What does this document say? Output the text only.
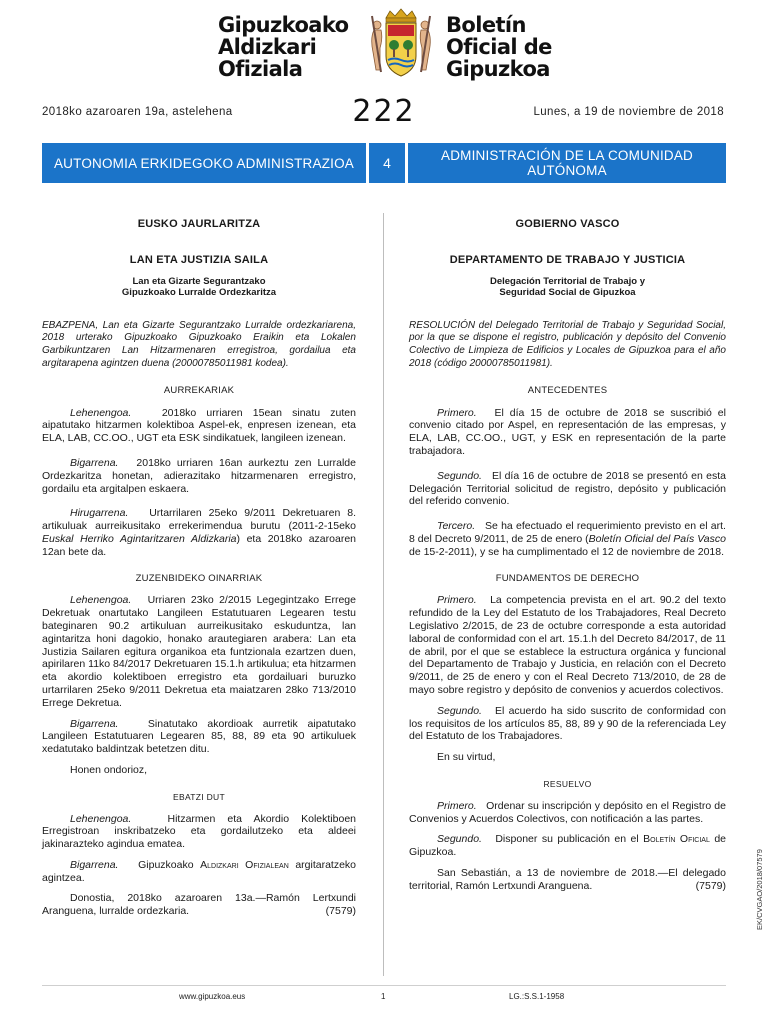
Gipuzkoako
Aldizkari
Ofiziala
Boletín
Oficial de
Gipuzkoa
2018ko azaroaren 19a, astelehena	222	Lunes, a 19 de noviembre de 2018
AUTONOMIA ERKIDEGOKO ADMINISTRAZIOA	4	ADMINISTRACIÓN DE LA COMUNIDAD AUTÓNOMA
EUSKO JAURLARITZA
LAN ETA JUSTIZIA SAILA
Lan eta Gizarte Segurantzako
Gipuzkoako Lurralde Ordezkaritza
EBAZPENA, Lan eta Gizarte Segurantzako Lurralde ordezkariarena, 2018 urterako Gipuzkoako Gipuzkoako Eraikin eta Lokalen Garbikuntzaren Lan Hitzarmenaren erregistroa, gordailua eta argitarapena agintzen duena (20000785011981 kodea).
AURREKARIAK

Lehenengoa.	2018ko urriaren 15ean sinatu zuten aipatutako hitzarmen kolektiboa Aspel-ek, enpresen izenean, eta ELA, LAB, CC.OO., UGT eta ESK sindikatuek, langileen izenean.

Bigarrena. 2018ko urriaren 16an aurkeztu zen Lurralde Ordezkaritza honetan, adierazitako hitzarmenaren erregistro, gordailu eta argitalpen eskaera.

Hirugarrena. Urtarrilaren 25eko 9/2011 Dekretuaren 8. artikuluak aurreikusitako errekerimendua burutu (2011-2-15eko Euskal Herriko Agintaritzaren Aldizkaria) eta 2018ko azaroaren 12an bete da.

ZUZENBIDEKO OINARRIAK

Lehenengoa. Urriaren 23ko 2/2015 Legegintzako Errege Dekretuak onartutako Langileen Estatutuaren Legearen testu bateginaren 90.2 artikuluan aurreikusitako eskuduntza, lan agintaritza honi dagokio, honako arautegiaren arabera: Lan eta Justizia Sailaren egitura organikoa eta funtzionala ezartzen duen, apirilaren 11ko 84/2017 Dekretuaren 15.1.h artikulua; eta hitzarmen eta akordio kolektiboen erregistro eta gordailuari buruzko urtarrilaren 25eko 9/2011 Dekretua eta maiatzaren 28ko 713/2010 Errege Dekretua.

Bigarrena.	Sinatutako akordioak aurretik aipatutako Langileen Estatutuaren Legearen 85, 88, 89 eta 90 artikuluek xedatutako baldintzak betetzen ditu.

Honen ondorioz,

EBATZI DUT

Lehenengoa.	Hitzarmen eta Akordio Kolektiboen Erregistroan inskribatzeko eta gordailutzeko eta aldeei jakinarazteko agindua ematea.

Bigarrena. Gipuzkoako Aldizkari Ofizialean argitaratzeko agintzea.

Donostia, 2018ko azaroaren 13a.—Ramón Lertxundi Aranguena, lurralde ordezkaria.	(7579)

GOBIERNO VASCO
DEPARTAMENTO DE TRABAJO Y JUSTICIA
Delegación Territorial de Trabajo y
Seguridad Social de Gipuzkoa
RESOLUCIÓN del Delegado Territorial de Trabajo y Seguridad Social, por la que se dispone el registro, publicación y depósito del Convenio Colectivo de Limpieza de Edificios y Locales de Gipuzkoa para el año 2018 (código 20000785011981).
ANTECEDENTES

Primero. El día 15 de octubre de 2018 se suscribió el convenio citado por Aspel, en representación de las empresas, y ELA, LAB, CC.OO., UGT, y ESK en representación de la parte trabajadora.

Segundo. El día 16 de octubre de 2018 se presentó en esta Delegación Territorial solicitud de registro, depósito y publicación del referido convenio.

Tercero. Se ha efectuado el requerimiento previsto en el art. 8 del Decreto 9/2011, de 25 de enero (Boletín Oficial del País Vasco de 15-2-2011), y se ha cumplimentado el 12 de noviembre de 2018.

FUNDAMENTOS DE DERECHO

Primero. La competencia prevista en el art. 90.2 del texto refundido de la Ley del Estatuto de los Trabajadores, Real Decreto Legislativo 2/2015, de 23 de octubre corresponde a esta autoridad laboral de conformidad con el art. 15.1.h del Decreto 84/2017, de 11 de abril, por el que se establece la estructura orgánica y funcional del Departamento de Trabajo y Justicia, en relación con el Decreto 9/2011, de 25 de enero y con el Real Decreto 713/2010, de 28 de mayo sobre registro y depósito de convenios y acuerdos colectivos.

Segundo. El acuerdo ha sido suscrito de conformidad con los requisitos de los artículos 85, 88, 89 y 90 de la referenciada Ley del Estatuto de los Trabajadores.

En su virtud,

RESUELVO

Primero. Ordenar su inscripción y depósito en el Registro de Convenios y Acuerdos Colectivos, con notificación a las partes.

Segundo. Disponer su publicación en el Boletín Oficial de Gipuzkoa.

San Sebastián, a 13 de noviembre de 2018.—El delegado territorial, Ramón Lertxundi Aranguena.	(7579)

www.gipuzkoa.eus	1	LG.:S.S.1-1958
EK/CVGAO/2018/07579
